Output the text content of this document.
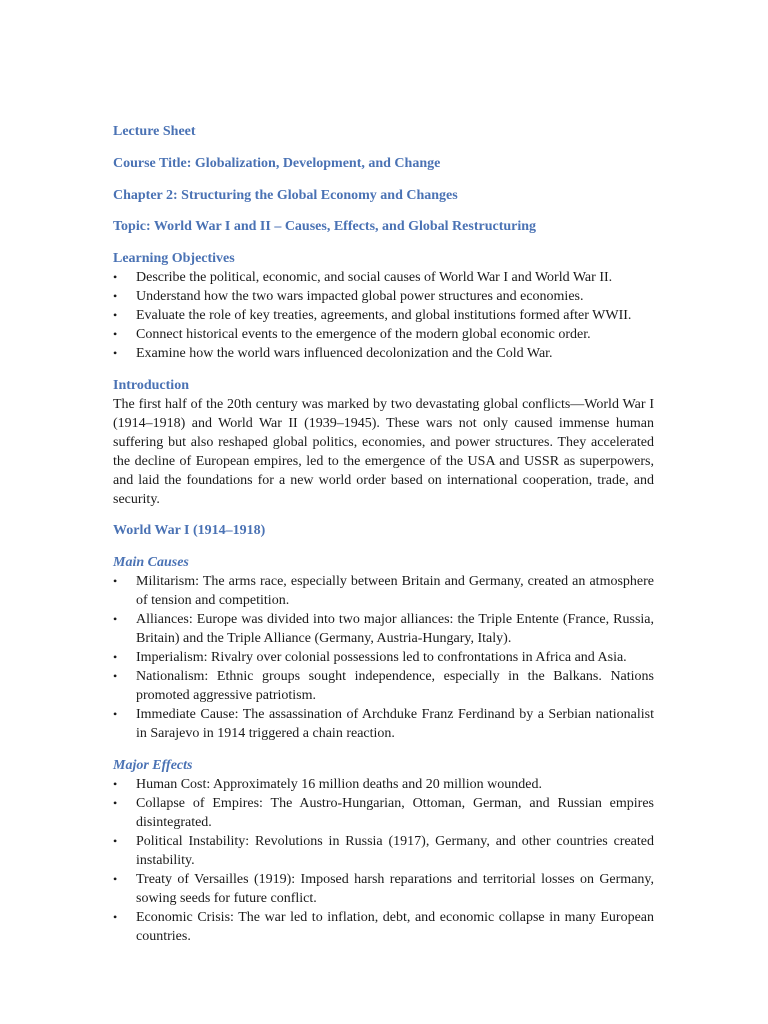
Lecture Sheet

Course Title: Globalization, Development, and Change

Chapter 2: Structuring the Global Economy and Changes

Topic: World War I and II – Causes, Effects, and Global Restructuring

Learning Objectives

• Describe the political, economic, and social causes of World War I and World War II.
• Understand how the two wars impacted global power structures and economies.
• Evaluate the role of key treaties, agreements, and global institutions formed after WWII.
• Connect historical events to the emergence of the modern global economic order.
• Examine how the world wars influenced decolonization and the Cold War.

Introduction

The first half of the 20th century was marked by two devastating global conflicts—World War I (1914–1918) and World War II (1939–1945). These wars not only caused immense human suffering but also reshaped global politics, economies, and power structures. They accelerated the decline of European empires, led to the emergence of the USA and USSR as superpowers, and laid the foundations for a new world order based on international cooperation, trade, and security.

World War I (1914–1918)

Main Causes

• Militarism: The arms race, especially between Britain and Germany, created an atmosphere of tension and competition.
• Alliances: Europe was divided into two major alliances: the Triple Entente (France, Russia, Britain) and the Triple Alliance (Germany, Austria-Hungary, Italy).
• Imperialism: Rivalry over colonial possessions led to confrontations in Africa and Asia.
• Nationalism: Ethnic groups sought independence, especially in the Balkans. Nations promoted aggressive patriotism.
• Immediate Cause: The assassination of Archduke Franz Ferdinand by a Serbian nationalist in Sarajevo in 1914 triggered a chain reaction.

Major Effects

• Human Cost: Approximately 16 million deaths and 20 million wounded.
• Collapse of Empires: The Austro-Hungarian, Ottoman, German, and Russian empires disintegrated.
• Political Instability: Revolutions in Russia (1917), Germany, and other countries created instability.
• Treaty of Versailles (1919): Imposed harsh reparations and territorial losses on Germany, sowing seeds for future conflict.
• Economic Crisis: The war led to inflation, debt, and economic collapse in many European countries.
